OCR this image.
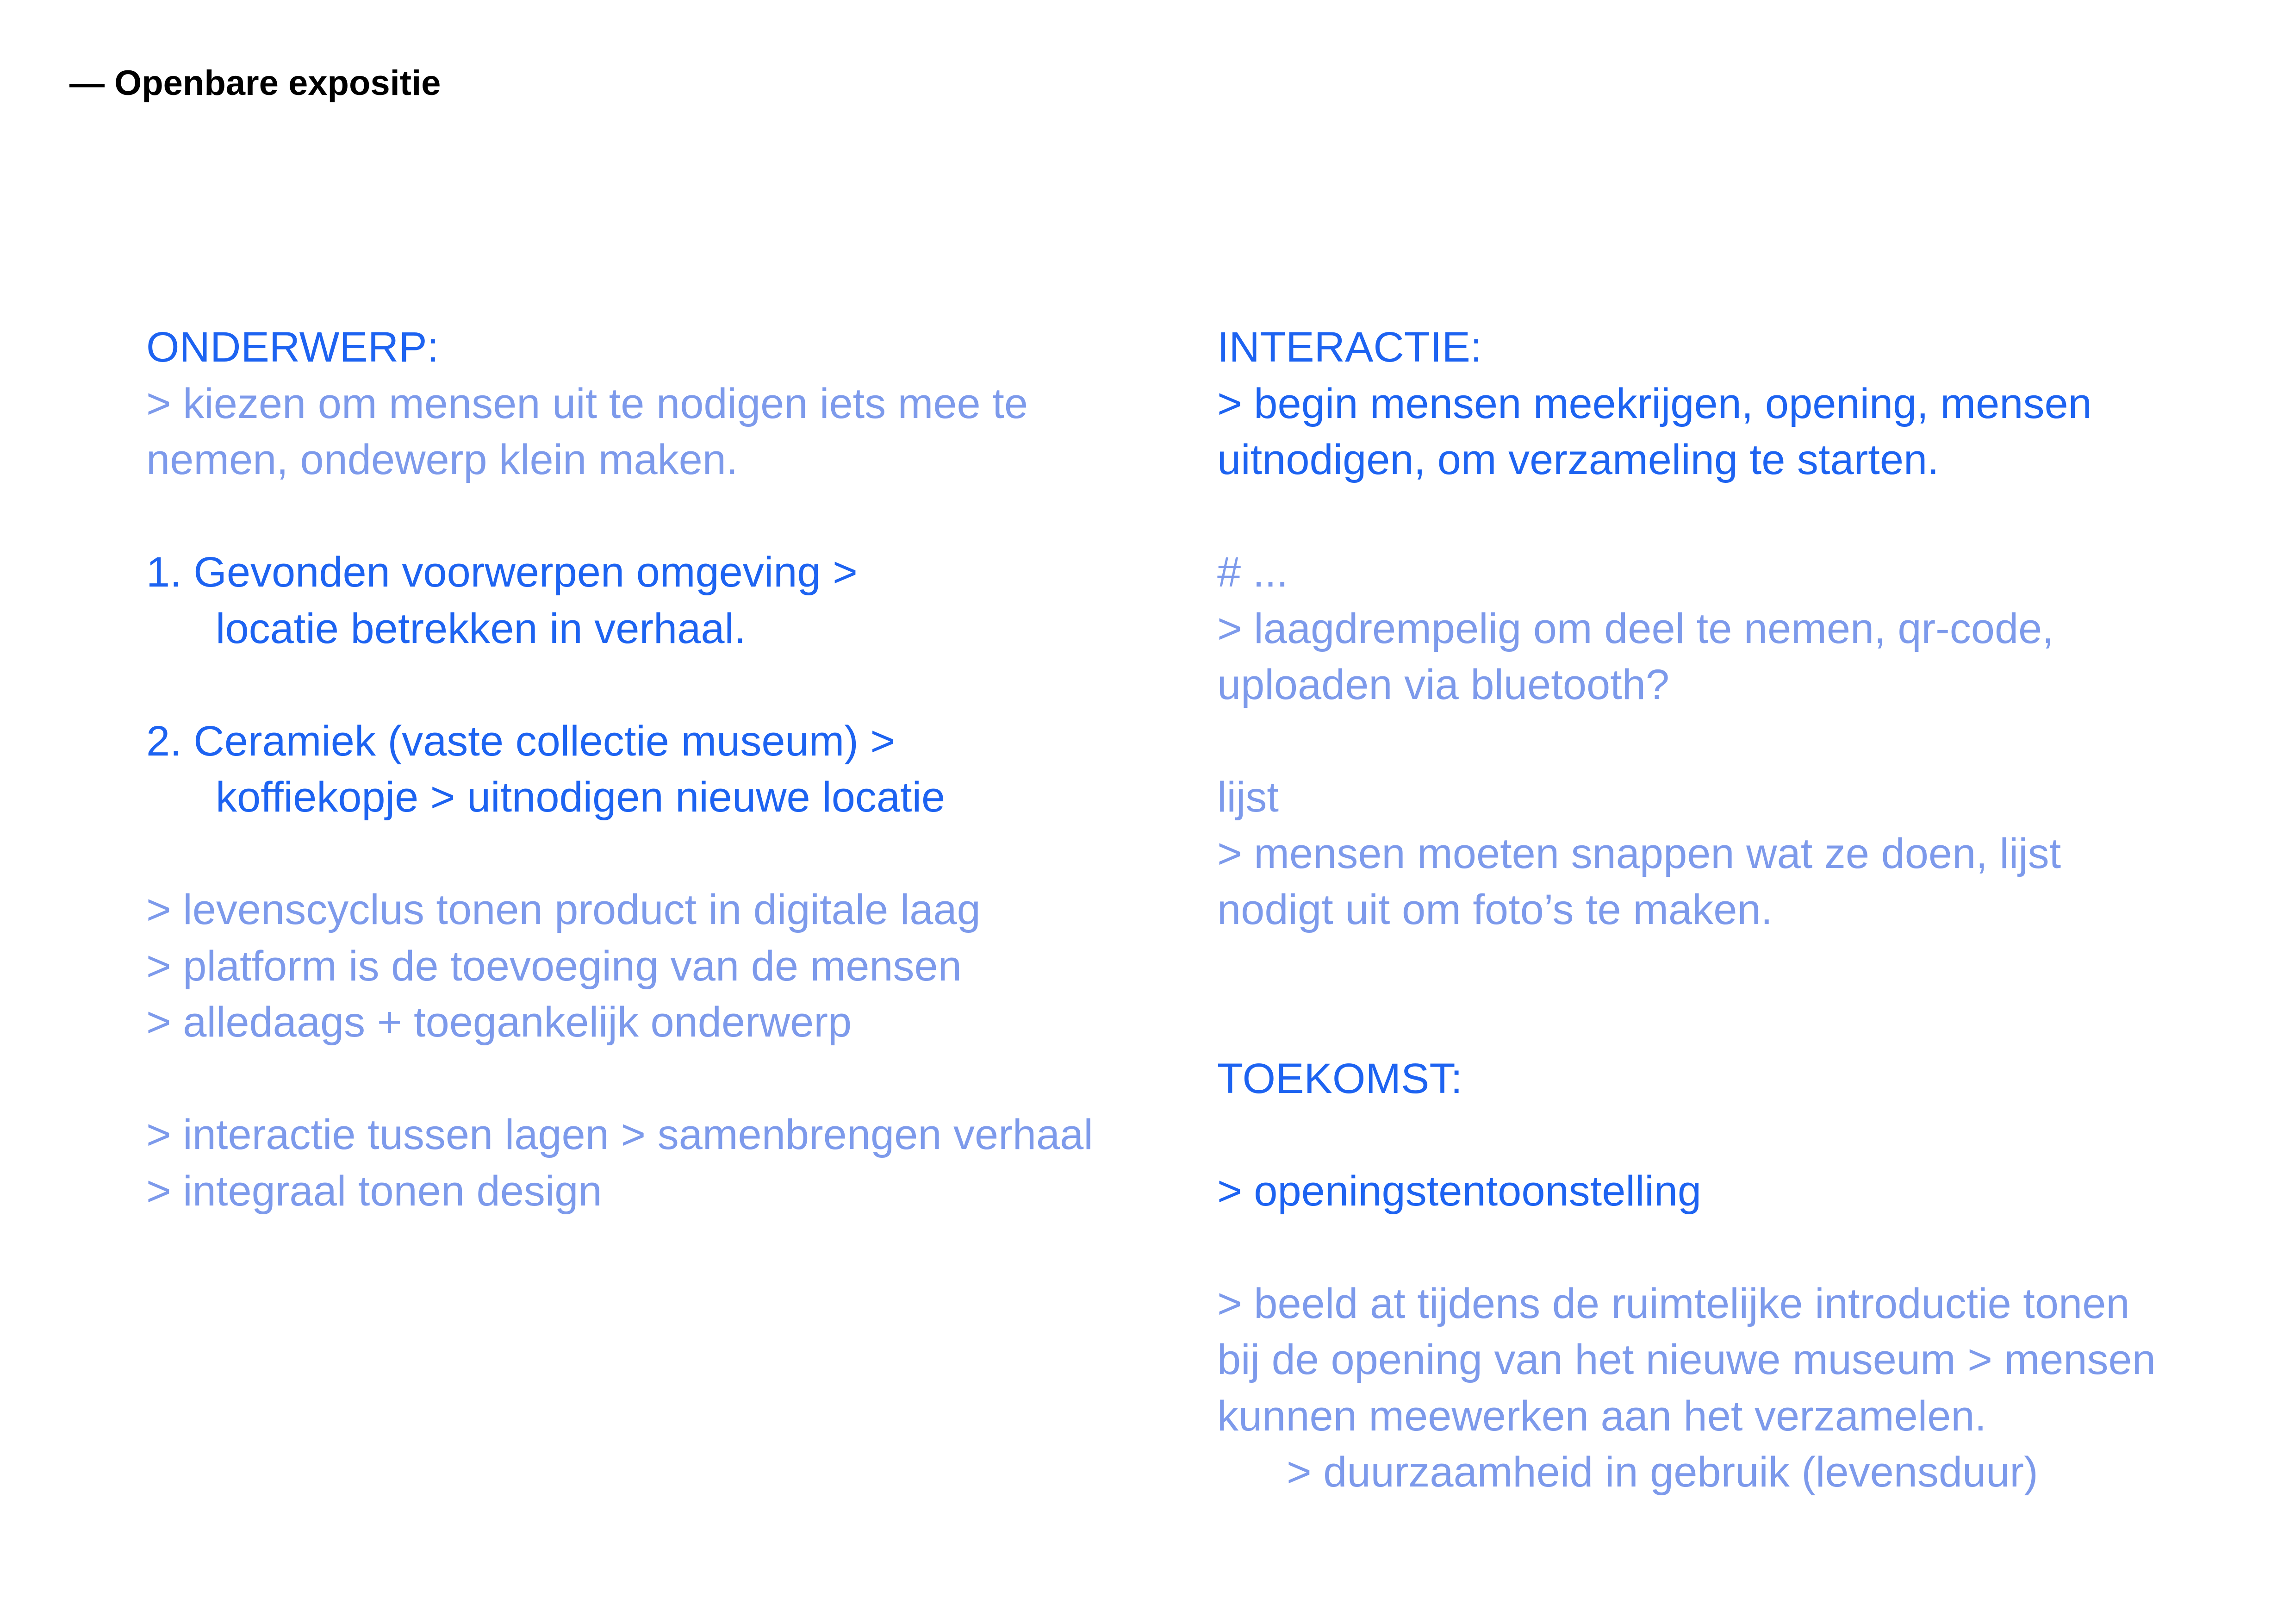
— Openbare expositie
ONDERWERP:
> kiezen om mensen uit te nodigen iets mee te
nemen, ondewerp klein maken.
1. Gevonden voorwerpen omgeving >
locatie betrekken in verhaal.
2. Ceramiek (vaste collectie museum) >
koffiekopje > uitnodigen nieuwe locatie
> levenscyclus tonen product in digitale laag
> platform is de toevoeging van de mensen
> alledaags + toegankelijk onderwerp
> interactie tussen lagen > samenbrengen verhaal
> integraal tonen design
INTERACTIE:
> begin mensen meekrijgen, opening, mensen
uitnodigen, om verzameling te starten.
# ...
> laagdrempelig om deel te nemen, qr-code,
uploaden via bluetooth?
lijst
> mensen moeten snappen wat ze doen, lijst
nodigt uit om foto’s te maken.
TOEKOMST:
> openingstentoonstelling
> beeld at tijdens de ruimtelijke introductie tonen
bij de opening van het nieuwe museum > mensen
kunnen meewerken aan het verzamelen.
> duurzaamheid in gebruik (levensduur)
